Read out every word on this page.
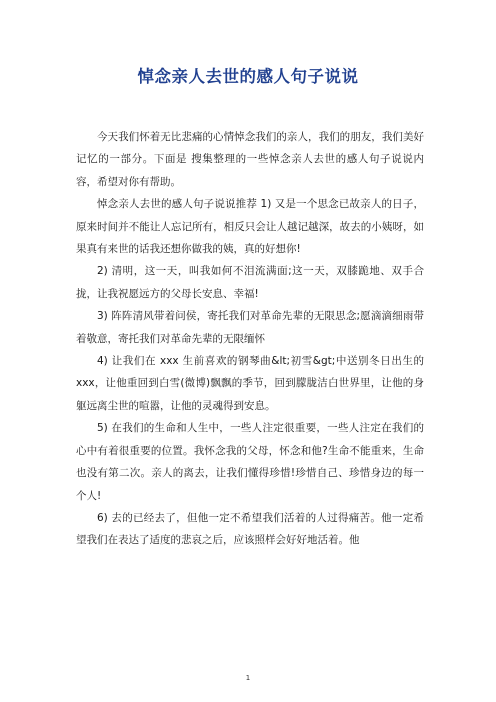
悼念亲人去世的感人句子说说

今天我们怀着无比悲痛的心情悼念我们的亲人，我们的朋友，我们美好记忆的一部分。下面是 搜集整理的一些悼念亲人去世的感人句子说说内容，希望对你有帮助。

悼念亲人去世的感人句子说说推荐 1) 又是一个思念已故亲人的日子，原来时间并不能让人忘记所有，相反只会让人越记越深，故去的小姨呀，如果真有来世的话我还想你做我的姨，真的好想你!

2) 清明，这一天，叫我如何不泪流满面;这一天，双膝跪地、双手合拢，让我祝愿远方的父母长安息、幸福!

3) 阵阵清风带着问侯，寄托我们对革命先辈的无限思念;愿滴滴细雨带着敬意，寄托我们对革命先辈的无限缅怀

4) 让我们在 xxx 生前喜欢的钢琴曲&lt;初雪&gt;中送别冬日出生的 xxx，让他重回到白雪(微博)飘飘的季节，回到朦胧洁白世界里，让他的身躯远离尘世的喧嚣，让他的灵魂得到安息。

5) 在我们的生命和人生中，一些人注定很重要，一些人注定在我们的心中有着很重要的位置。我怀念我的父母，怀念和他?生命不能重来，生命也没有第二次。亲人的离去，让我们懂得珍惜!珍惜自己、珍惜身边的每一个人!

6) 去的已经去了，但他一定不希望我们活着的人过得痛苦。他一定希望我们在表达了适度的悲哀之后，应该照样会好好地活着。他

1
